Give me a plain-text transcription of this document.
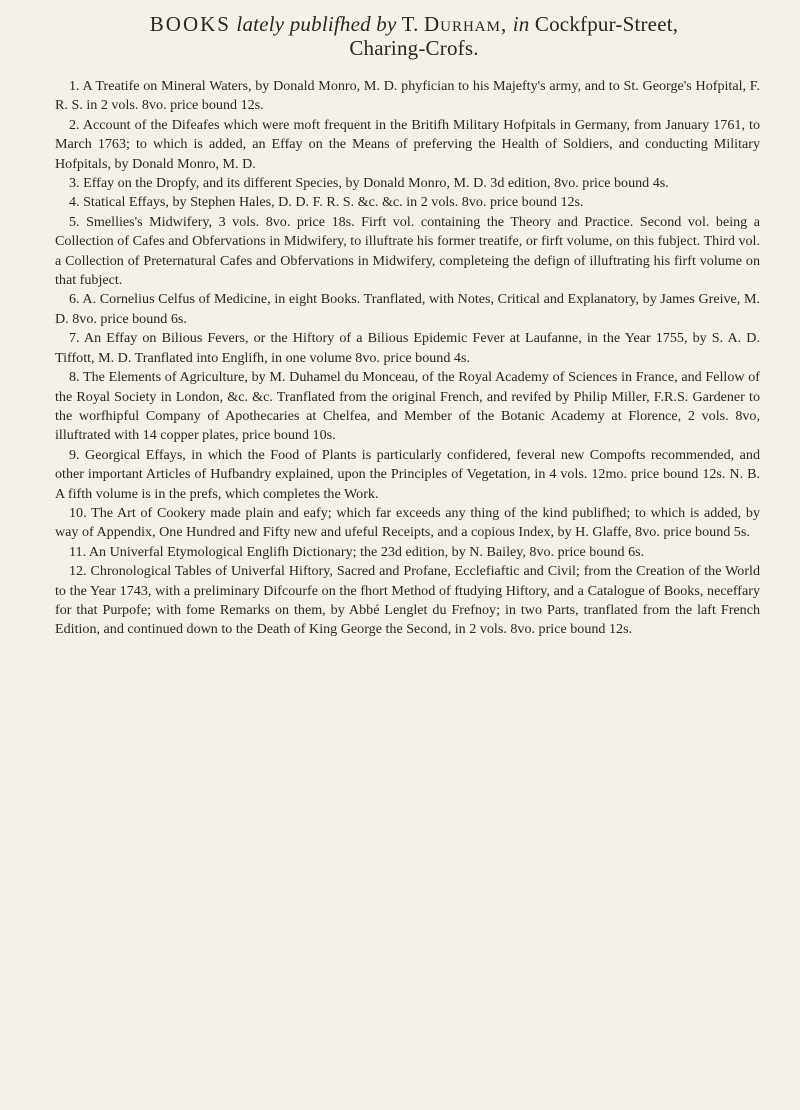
BOOKS lately publifhed by T. Durham, in Cockfpur-Street,
Charing-Crofs.

1. A Treatife on Mineral Waters, by Donald Monro, M. D. phyfician to his Majefty's army, and to St. George's Hofpital, F. R. S. in 2 vols. 8vo. price bound 12s.

2. Account of the Difeafes which were moft frequent in the Britifh Military Hofpitals in Germany, from January 1761, to March 1763; to which is added, an Effay on the Means of preferving the Health of Soldiers, and conducting Military Hofpitals, by Donald Monro, M. D.

3. Effay on the Dropfy, and its different Species, by Donald Monro, M. D. 3d edition, 8vo. price bound 4s.

4. Statical Effays, by Stephen Hales, D. D. F. R. S. &c. &c. in 2 vols. 8vo. price bound 12s.

5. Smellies's Midwifery, 3 vols. 8vo. price 18s. Firft vol. containing the Theory and Practice. Second vol. being a Collection of Cafes and Obfervations in Midwifery, to illuftrate his former treatife, or firft volume, on this fubject. Third vol. a Collection of Preternatural Cafes and Obfervations in Midwifery, completeing the defign of illuftrating his firft volume on that fubject.

6. A. Cornelius Celfus of Medicine, in eight Books. Tranflated, with Notes, Critical and Explanatory, by James Greive, M. D. 8vo. price bound 6s.

7. An Effay on Bilious Fevers, or the Hiftory of a Bilious Epidemic Fever at Laufanne, in the Year 1755, by S. A. D. Tiffott, M. D. Tranflated into Englifh, in one volume 8vo. price bound 4s.

8. The Elements of Agriculture, by M. Duhamel du Monceau, of the Royal Academy of Sciences in France, and Fellow of the Royal Society in London, &c. &c. Tranflated from the original French, and revifed by Philip Miller, F.R.S. Gardener to the worfhipful Company of Apothecaries at Chelfea, and Member of the Botanic Academy at Florence, 2 vols. 8vo, illuftrated with 14 copper plates, price bound 10s.

9. Georgical Effays, in which the Food of Plants is particularly confidered, feveral new Compofts recommended, and other important Articles of Hufbandry explained, upon the Principles of Vegetation, in 4 vols. 12mo. price bound 12s. N. B. A fifth volume is in the prefs, which completes the Work.

10. The Art of Cookery made plain and eafy; which far exceeds any thing of the kind publifhed; to which is added, by way of Appendix, One Hundred and Fifty new and ufeful Receipts, and a copious Index, by H. Glaffe, 8vo. price bound 5s.

11. An Univerfal Etymological Englifh Dictionary; the 23d edition, by N. Bailey, 8vo. price bound 6s.

12. Chronological Tables of Univerfal Hiftory, Sacred and Profane, Ecclefiaftic and Civil; from the Creation of the World to the Year 1743, with a preliminary Difcourfe on the fhort Method of ftudying Hiftory, and a Catalogue of Books, neceffary for that Purpofe; with fome Remarks on them, by Abbé Lenglet du Frefnoy; in two Parts, tranflated from the laft French Edition, and continued down to the Death of King George the Second, in 2 vols. 8vo. price bound 12s.
